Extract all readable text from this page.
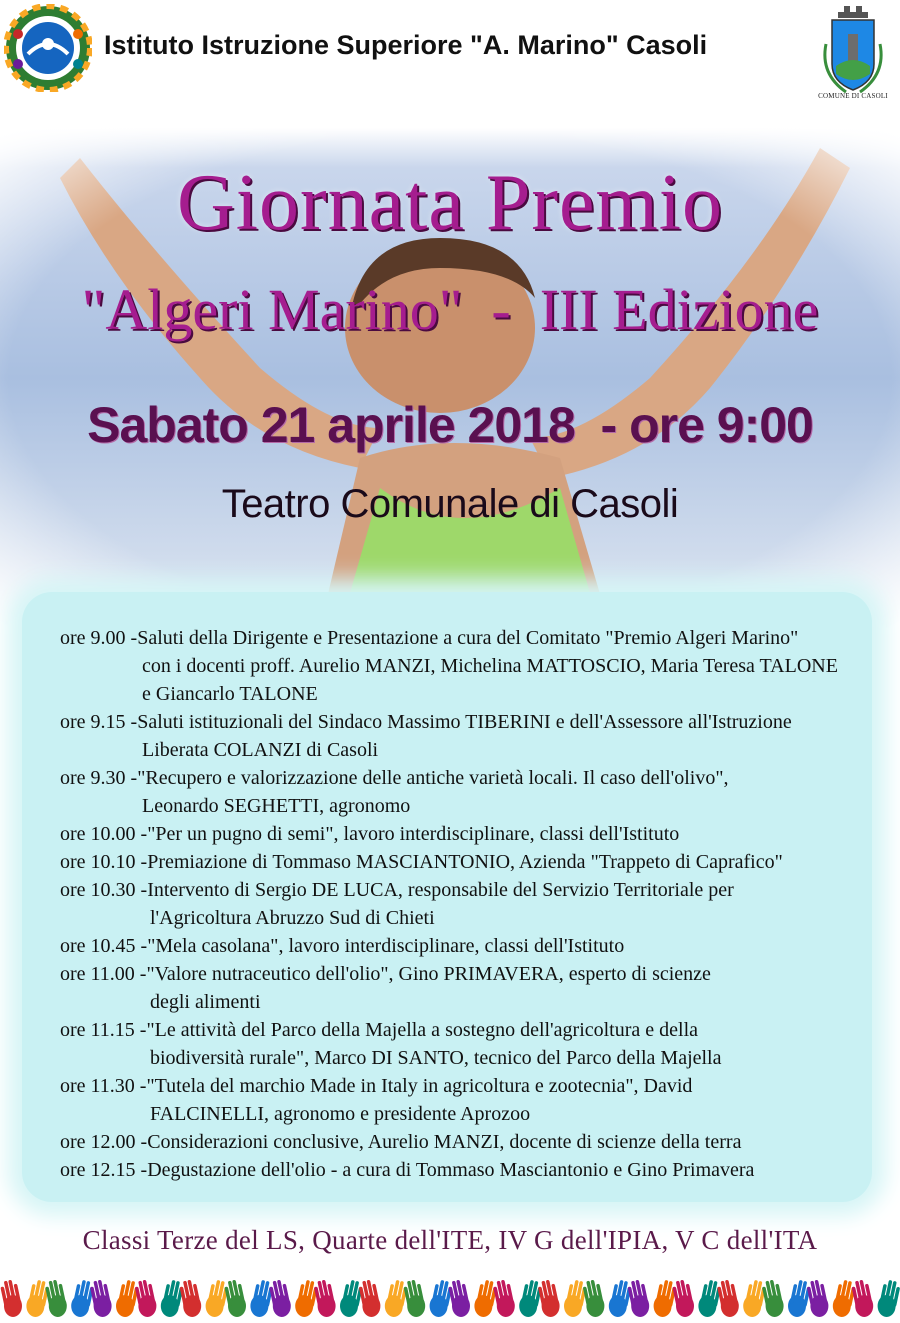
Istituto Istruzione Superiore "A. Marino" Casoli
COMUNE DI CASOLI
Giornata Premio
"Algeri Marino"  -  III Edizione
Sabato 21 aprile 2018  - ore 9:00
Teatro Comunale di Casoli
ore 9.00 - Saluti della Dirigente e Presentazione a cura del Comitato "Premio Algeri Marino"
con i docenti proff. Aurelio MANZI, Michelina MATTOSCIO, Maria Teresa TALONE
e Giancarlo TALONE
ore 9.15 - Saluti istituzionali del Sindaco Massimo TIBERINI e dell'Assessore all'Istruzione
Liberata COLANZI di Casoli
ore 9.30 - "Recupero e valorizzazione delle antiche varietà locali. Il caso dell'olivo",
Leonardo SEGHETTI, agronomo
ore 10.00 - "Per un pugno di semi", lavoro interdisciplinare, classi dell'Istituto
ore 10.10 - Premiazione di Tommaso MASCIANTONIO, Azienda "Trappeto di Caprafico"
ore 10.30 - Intervento di Sergio DE LUCA, responsabile del Servizio Territoriale per
l'Agricoltura Abruzzo Sud di Chieti
ore 10.45 - "Mela casolana", lavoro interdisciplinare, classi dell'Istituto
ore 11.00 - "Valore nutraceutico dell'olio", Gino PRIMAVERA, esperto di scienze
degli alimenti
ore 11.15 - "Le attività del Parco della Majella a sostegno dell'agricoltura e della
biodiversità rurale", Marco DI SANTO, tecnico del Parco della Majella
ore 11.30 - "Tutela del marchio Made in Italy in agricoltura e zootecnia", David
FALCINELLI, agronomo e presidente Aprozoo
ore 12.00 - Considerazioni conclusive, Aurelio MANZI, docente di scienze della terra
ore 12.15 - Degustazione dell'olio - a cura di Tommaso Masciantonio e Gino Primavera
Classi Terze del LS, Quarte dell'ITE, IV G dell'IPIA, V C dell'ITA
